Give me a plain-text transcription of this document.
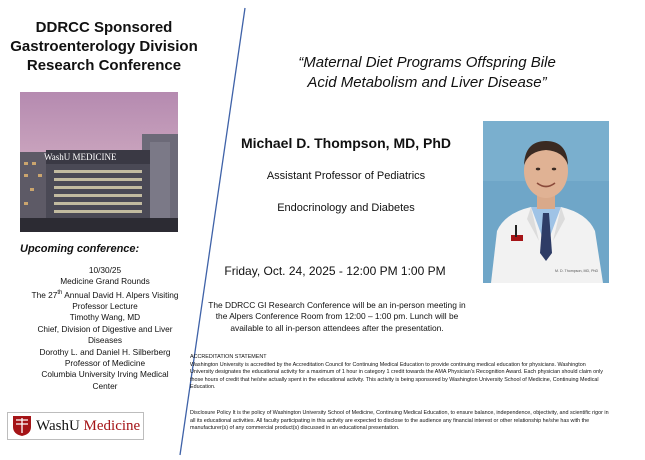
DDRCC Sponsored
Gastroenterology Division
Research Conference
WashU MEDICINE
Upcoming conference:
10/30/25
Medicine Grand Rounds
The 27th Annual David H. Alpers Visiting
Professor Lecture
Timothy Wang, MD
Chief, Division of Digestive and Liver
Diseases
Dorothy L. and Daniel H. Silberberg
Professor of Medicine
Columbia University Irving Medical
Center
WashU Medicine
“Maternal Diet Programs Offspring Bile
Acid Metabolism and Liver Disease”
Michael D. Thompson, MD, PhD
Assistant Professor of Pediatrics
Endocrinology and Diabetes
M. D. Thompson, MD, PhD
Friday, Oct. 24, 2025 - 12:00 PM 1:00 PM
The DDRCC GI Research Conference will be an in-person meeting in
the Alpers Conference Room from 12:00 – 1:00 pm. Lunch will be
available to all in-person attendees after the presentation.
ACCREDITATION STATEMENT
Washington University is accredited by the Accreditation Council for Continuing Medical Education to provide continuing medical education for physicians. Washington University designates the educational activity for a maximum of 1 hour in category 1 credit towards the AMA Physician’s Recognition Award. Each physician should claim only those hours of credit that he/she actually spent in the educational activity. This activity is being sponsored by Washington University School of Medicine, Continuing Medical Education.
Disclosure Policy It is the policy of Washington University School of Medicine, Continuing Medical Education, to ensure balance, independence, objectivity, and scientific rigor in all its educational activities. All faculty participating in this activity are expected to disclose to the audience any financial interest or other relationship he/she has with the manufacturer(s) of any commercial product(s) discussed in an educational presentation.
